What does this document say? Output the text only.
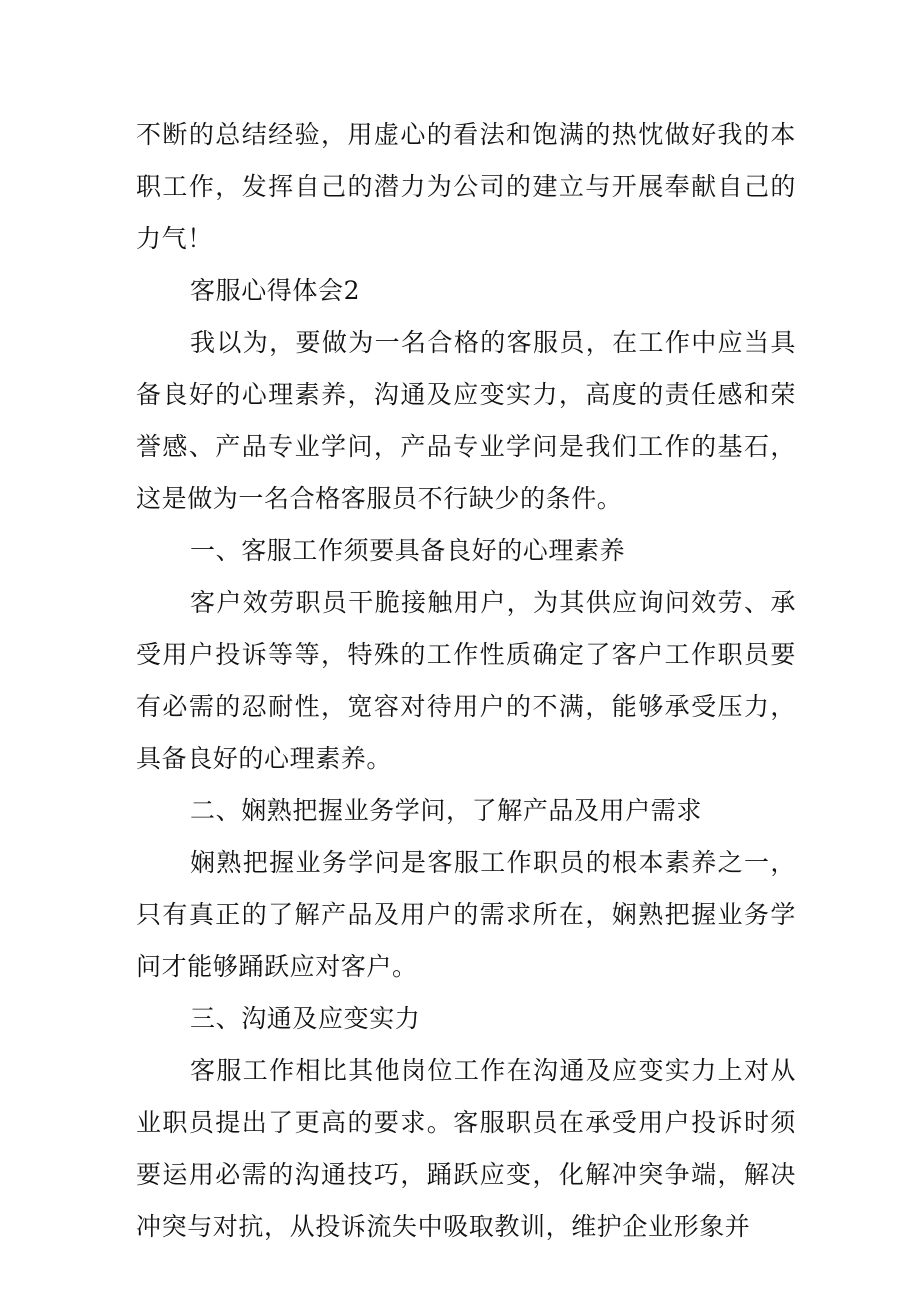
不断的总结经验，用虚心的看法和饱满的热忱做好我的本职工作，发挥自己的潜力为公司的建立与开展奉献自己的力气！

客服心得体会2

我以为，要做为一名合格的客服员，在工作中应当具备良好的心理素养，沟通及应变实力，高度的责任感和荣誉感、产品专业学问，产品专业学问是我们工作的基石，这是做为一名合格客服员不行缺少的条件。

一、客服工作须要具备良好的心理素养

客户效劳职员干脆接触用户，为其供应询问效劳、承受用户投诉等等，特殊的工作性质确定了客户工作职员要有必需的忍耐性，宽容对待用户的不满，能够承受压力，具备良好的心理素养。

二、娴熟把握业务学问，了解产品及用户需求

娴熟把握业务学问是客服工作职员的根本素养之一，只有真正的了解产品及用户的需求所在，娴熟把握业务学问才能够踊跃应对客户。

三、沟通及应变实力

客服工作相比其他岗位工作在沟通及应变实力上对从业职员提出了更高的要求。客服职员在承受用户投诉时须要运用必需的沟通技巧，踊跃应变，化解冲突争端，解决冲突与对抗，从投诉流失中吸取教训，维护企业形象并
